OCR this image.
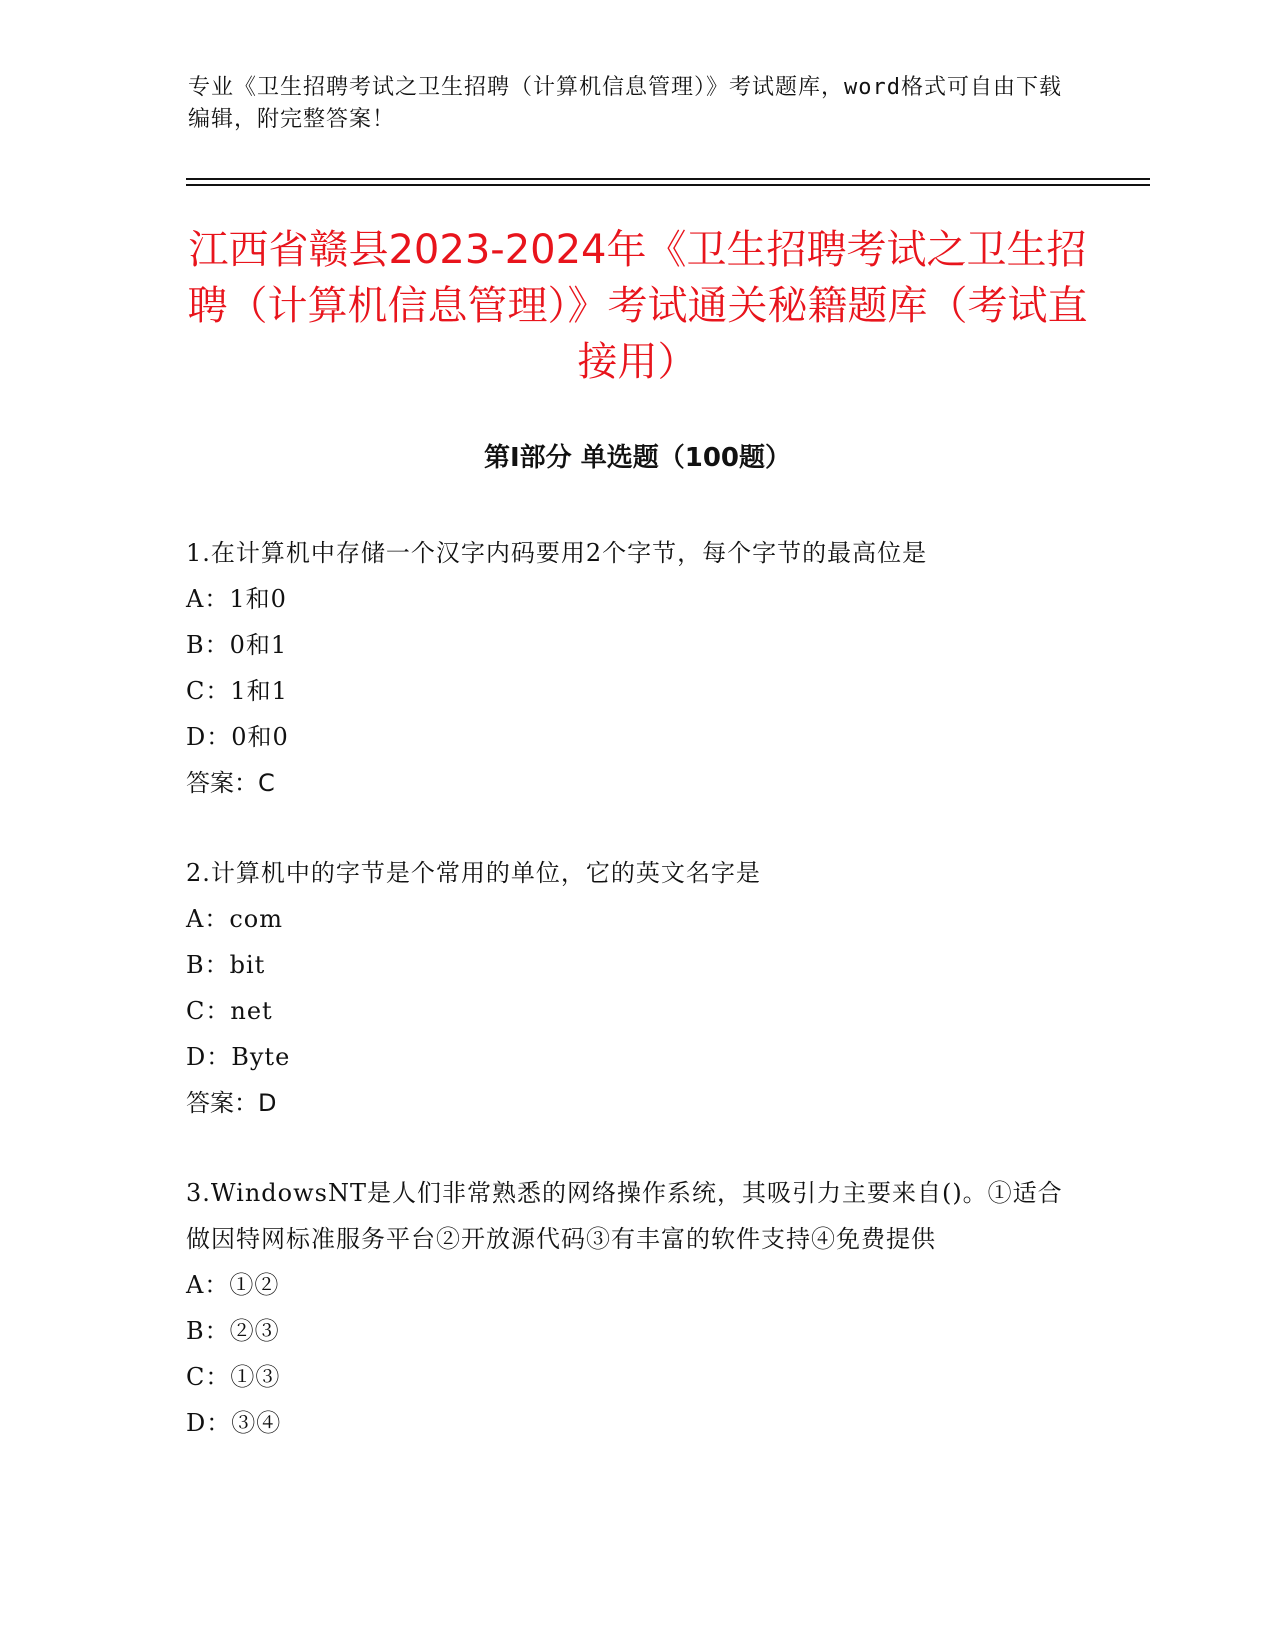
专业《卫生招聘考试之卫生招聘（计算机信息管理）》考试题库，word格式可自由下载编辑，附完整答案！
江西省赣县2023-2024年《卫生招聘考试之卫生招聘（计算机信息管理）》考试通关秘籍题库（考试直接用）
第I部分 单选题（100题）
1.在计算机中存储一个汉字内码要用2个字节，每个字节的最高位是
A：1和0
B：0和1
C：1和1
D：0和0
答案：C
2.计算机中的字节是个常用的单位，它的英文名字是
A：com
B：bit
C：net
D：Byte
答案：D
3.WindowsNT是人们非常熟悉的网络操作系统，其吸引力主要来自()。①适合做因特网标准服务平台②开放源代码③有丰富的软件支持④免费提供
A：①②
B：②③
C：①③
D：③④
